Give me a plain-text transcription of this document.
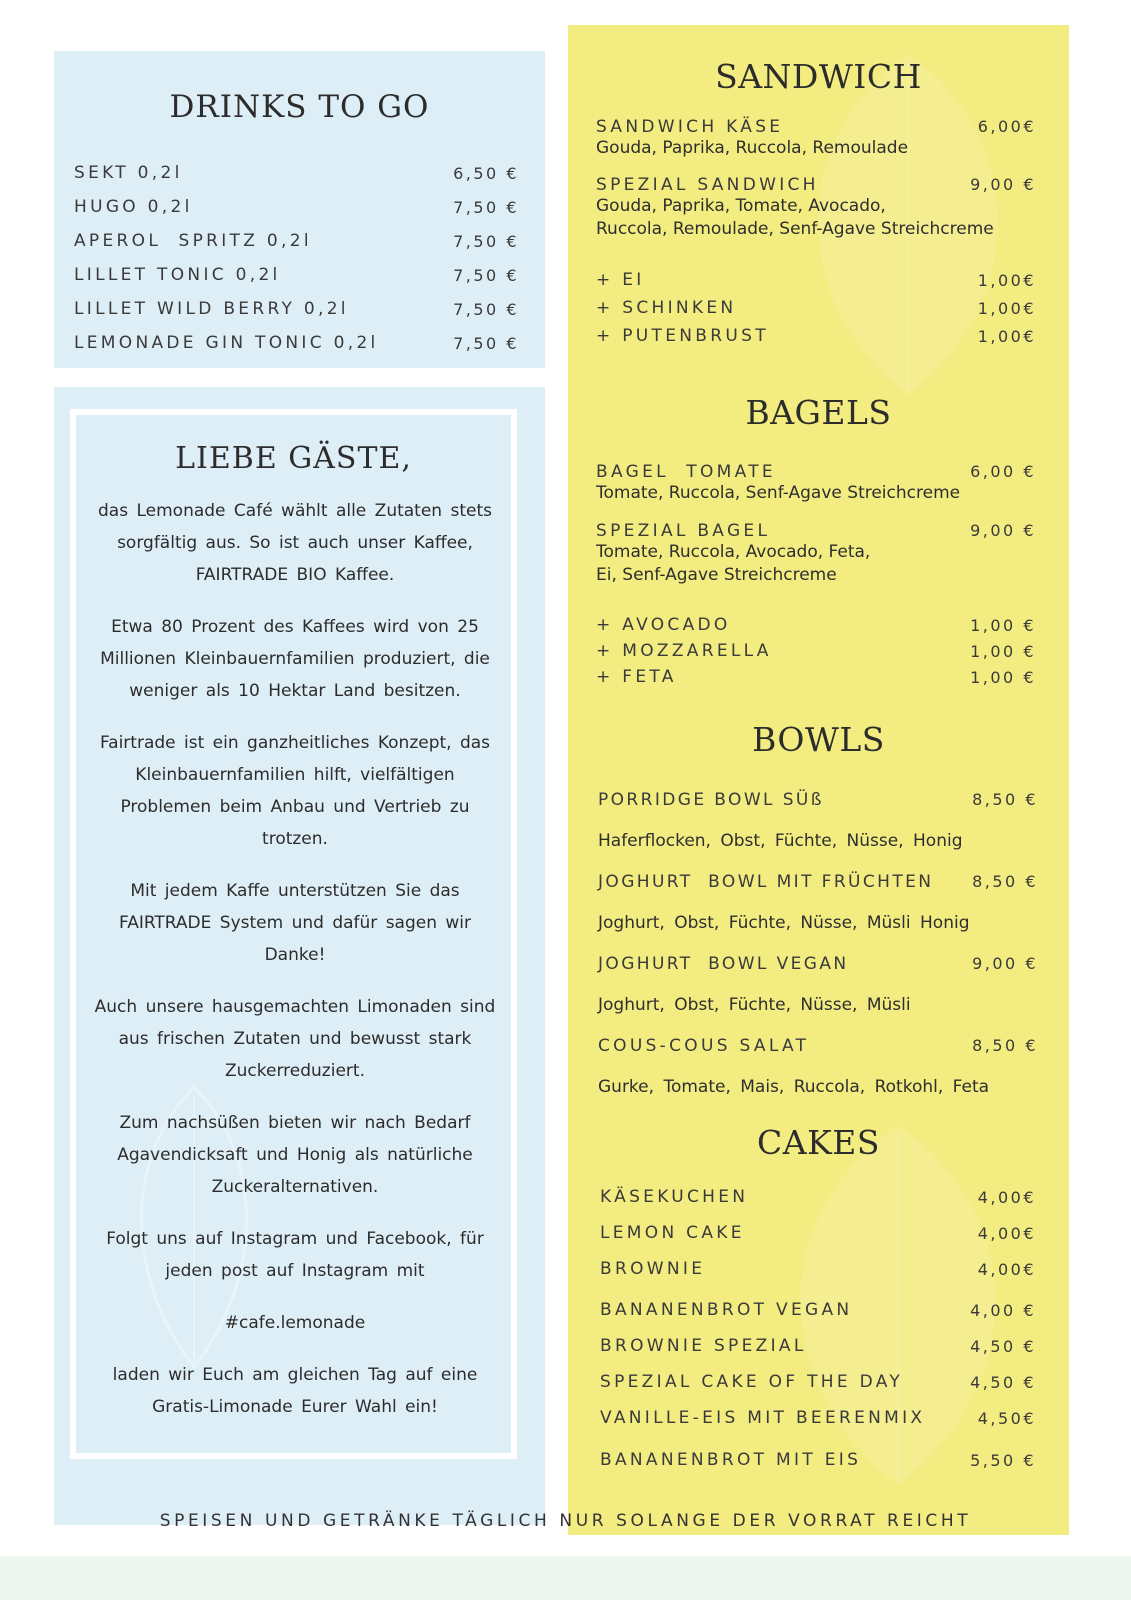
DRINKS TO GO
SEKT 0,2l	6,50 €
HUGO 0,2l	7,50 €
APEROL  SPRITZ 0,2l	7,50 €
LILLET TONIC 0,2l	7,50 €
LILLET WILD BERRY 0,2l	7,50 €
LEMONADE GIN TONIC 0,2l	7,50 €
LIEBE GÄSTE,

das Lemonade Café wählt alle Zutaten stets sorgfältig aus. So ist auch unser Kaffee, FAIRTRADE BIO Kaffee.

Etwa 80 Prozent des Kaffees wird von 25 Millionen Kleinbauernfamilien produziert, die weniger als 10 Hektar Land besitzen.

Fairtrade ist ein ganzheitliches Konzept, das Kleinbauernfamilien hilft, vielfältigen Problemen beim Anbau und Vertrieb zu trotzen.

Mit jedem Kaffe unterstützen Sie das FAIRTRADE System und dafür sagen wir Danke!

Auch unsere hausgemachten Limonaden sind aus frischen Zutaten und bewusst stark Zuckerreduziert.

Zum nachsüßen bieten wir nach Bedarf Agavendicksaft und Honig als natürliche Zuckeralternativen.

Folgt uns auf Instagram und Facebook, für jeden post auf Instagram mit

#cafe.lemonade

laden wir Euch am gleichen Tag auf eine Gratis-Limonade Eurer Wahl ein!

SANDWICH
SANDWICH KÄSE	6,00€
Gouda, Paprika, Ruccola, Remoulade
SPEZIAL SANDWICH	9,00 €
Gouda, Paprika, Tomate, Avocado,
Ruccola, Remoulade, Senf-Agave Streichcreme
+ EI	1,00€
+ SCHINKEN	1,00€
+ PUTENBRUST	1,00€
BAGELS
BAGEL  TOMATE	6,00 €
Tomate, Ruccola, Senf-Agave Streichcreme
SPEZIAL BAGEL	9,00 €
Tomate, Ruccola, Avocado, Feta,
Ei, Senf-Agave Streichcreme
+ AVOCADO	1,00 €
+ MOZZARELLA	1,00 €
+ FETA	1,00 €
BOWLS
PORRIDGE BOWL SÜß	8,50 €
Haferflocken, Obst, Füchte, Nüsse, Honig
JOGHURT  BOWL MIT FRÜCHTEN 8,50 €
Joghurt, Obst, Füchte, Nüsse, Müsli Honig
JOGHURT  BOWL VEGAN	9,00 €
Joghurt, Obst, Füchte, Nüsse, Müsli
COUS-COUS SALAT	8,50 €
Gurke, Tomate, Mais, Ruccola, Rotkohl, Feta
CAKES
KÄSEKUCHEN	4,00€
LEMON CAKE	4,00€
BROWNIE	4,00€
BANANENBROT VEGAN	4,00 €
BROWNIE SPEZIAL	4,50 €
SPEZIAL CAKE OF THE DAY	4,50 €
VANILLE-EIS MIT BEERENMIX	4,50€
BANANENBROT MIT EIS	5,50 €
SPEISEN UND GETRÄNKE TÄGLICH NUR SOLANGE DER VORRAT REICHT
